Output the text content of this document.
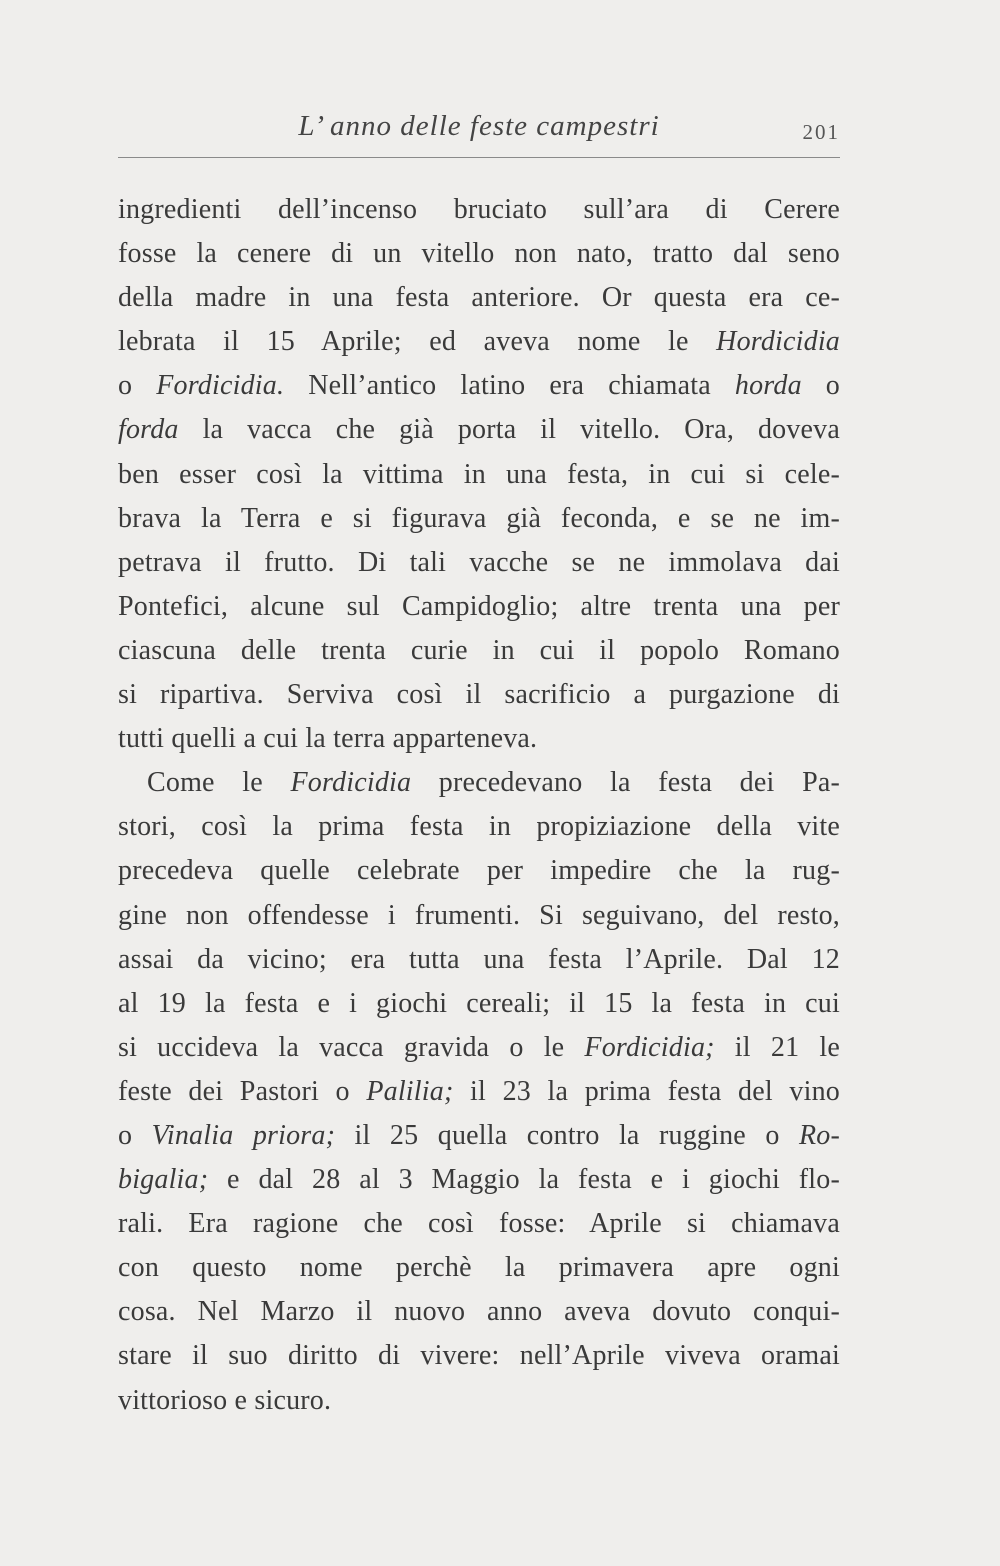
L’ anno delle feste campestri	201
ingredienti dell’incenso bruciato sull’ara di Cerere
fosse la cenere di un vitello non nato, tratto dal seno
della madre in una festa anteriore. Or questa era ce-
lebrata il 15 Aprile; ed aveva nome le Hordicidia
o Fordicidia. Nell’antico latino era chiamata horda o
forda la vacca che già porta il vitello. Ora, doveva
ben esser così la vittima in una festa, in cui si cele-
brava la Terra e si figurava già feconda, e se ne im-
petrava il frutto. Di tali vacche se ne immolava dai
Pontefici, alcune sul Campidoglio; altre trenta una per
ciascuna delle trenta curie in cui il popolo Romano
si ripartiva. Serviva così il sacrificio a purgazione di
tutti quelli a cui la terra apparteneva.
Come le Fordicidia precedevano la festa dei Pa-
stori, così la prima festa in propiziazione della vite
precedeva quelle celebrate per impedire che la rug-
gine non offendesse i frumenti. Si seguivano, del resto,
assai da vicino; era tutta una festa l’Aprile. Dal 12
al 19 la festa e i giochi cereali; il 15 la festa in cui
si uccideva la vacca gravida o le Fordicidia; il 21 le
feste dei Pastori o Palilia; il 23 la prima festa del vino
o Vinalia priora; il 25 quella contro la ruggine o Ro-
bigalia; e dal 28 al 3 Maggio la festa e i giochi flo-
rali. Era ragione che così fosse: Aprile si chiamava
con questo nome perchè la primavera apre ogni
cosa. Nel Marzo il nuovo anno aveva dovuto conqui-
stare il suo diritto di vivere: nell’Aprile viveva oramai
vittorioso e sicuro.
